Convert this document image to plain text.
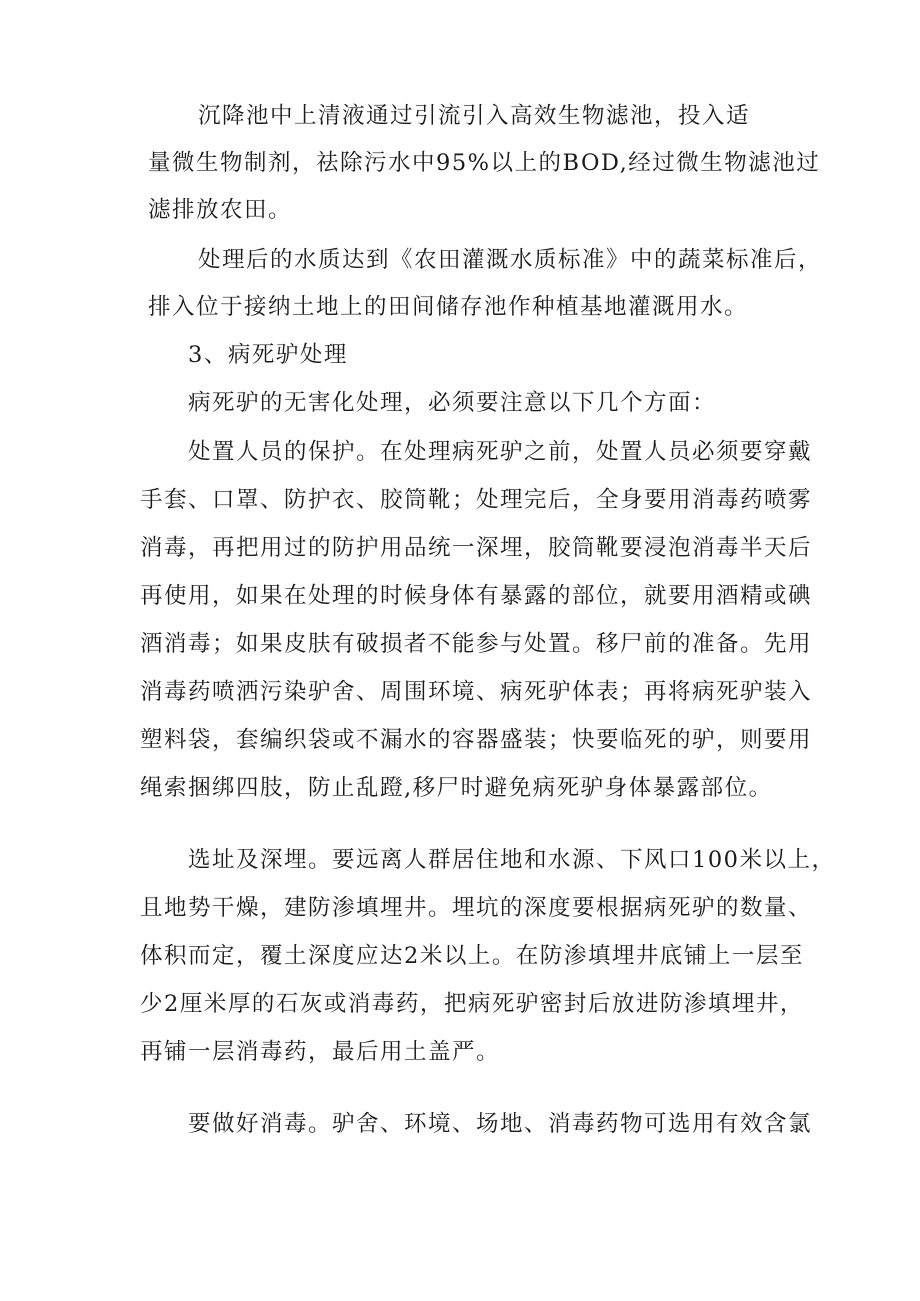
沉降池中上清液通过引流引入高效生物滤池，投入适
量微生物制剂，祛除污水中95%以上的BOD,经过微生物滤池过
滤排放农田。
处理后的水质达到《农田灌溉水质标准》中的蔬菜标准后，
排入位于接纳土地上的田间储存池作种植基地灌溉用水。
3、病死驴处理
病死驴的无害化处理，必须要注意以下几个方面：
处置人员的保护。在处理病死驴之前，处置人员必须要穿戴
手套、口罩、防护衣、胶筒靴；处理完后，全身要用消毒药喷雾
消毒，再把用过的防护用品统一深埋，胶筒靴要浸泡消毒半天后
再使用，如果在处理的时候身体有暴露的部位，就要用酒精或碘
酒消毒；如果皮肤有破损者不能参与处置。移尸前的准备。先用
消毒药喷洒污染驴舍、周围环境、病死驴体表；再将病死驴装入
塑料袋，套编织袋或不漏水的容器盛装；快要临死的驴，则要用
绳索捆绑四肢，防止乱蹬,移尸时避免病死驴身体暴露部位。
选址及深埋。要远离人群居住地和水源、下风口100米以上，
且地势干燥，建防渗填埋井。埋坑的深度要根据病死驴的数量、
体积而定，覆土深度应达2米以上。在防渗填埋井底铺上一层至
少2厘米厚的石灰或消毒药，把病死驴密封后放进防渗填埋井，
再铺一层消毒药，最后用土盖严。
要做好消毒。驴舍、环境、场地、消毒药物可选用有效含氯
